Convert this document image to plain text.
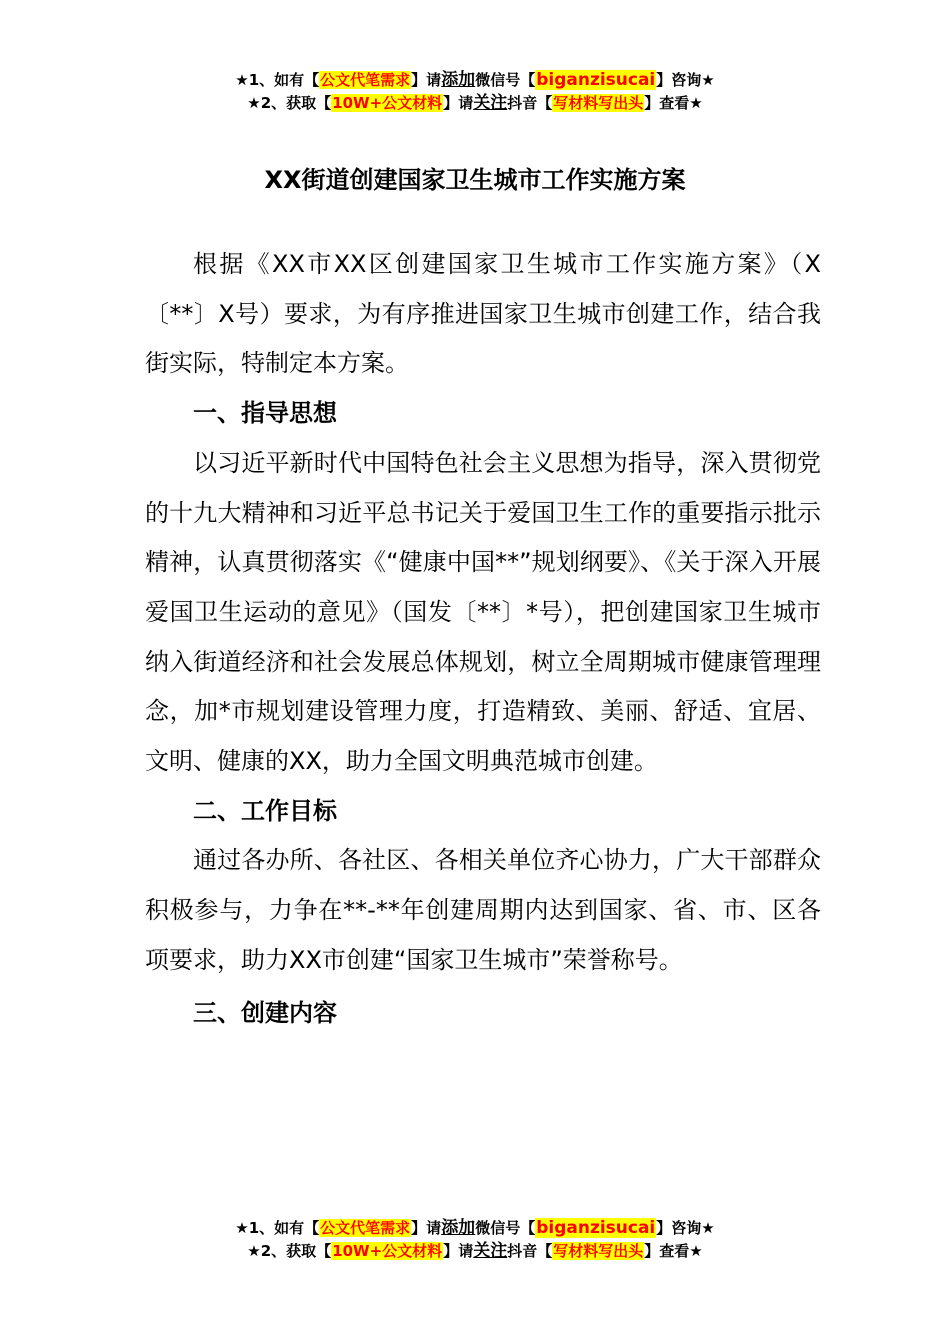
★1、如有【公文代笔需求】请添加微信号【biganzisucai】咨询★
★2、获取【10W+公文材料】请关注抖音【写材料写出头】查看★
XX街道创建国家卫生城市工作实施方案

根据《XX市XX区创建国家卫生城市工作实施方案》（X〔**〕X号）要求，为有序推进国家卫生城市创建工作，结合我街实际，特制定本方案。

一、指导思想

以习近平新时代中国特色社会主义思想为指导，深入贯彻党的十九大精神和习近平总书记关于爱国卫生工作的重要指示批示精神，认真贯彻落实《“健康中国**”规划纲要》、《关于深入开展爱国卫生运动的意见》（国发〔**〕*号），把创建国家卫生城市纳入街道经济和社会发展总体规划，树立全周期城市健康管理理念，加*市规划建设管理力度，打造精致、美丽、舒适、宜居、文明、健康的XX，助力全国文明典范城市创建。

二、工作目标

通过各办所、各社区、各相关单位齐心协力，广大干部群众积极参与，力争在**-**年创建周期内达到国家、省、市、区各项要求，助力XX市创建“国家卫生城市”荣誉称号。

三、创建内容
★1、如有【公文代笔需求】请添加微信号【biganzisucai】咨询★
★2、获取【10W+公文材料】请关注抖音【写材料写出头】查看★
